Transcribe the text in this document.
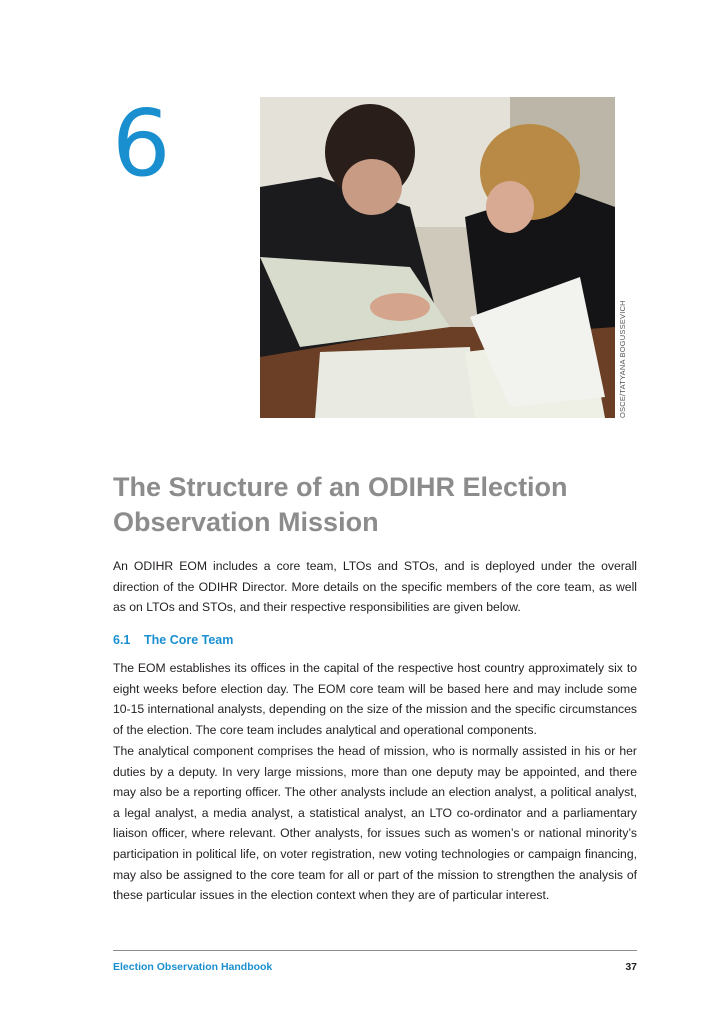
6
OSCE/TATYANA BOGUSSEVICH
The Structure of an ODIHR Election Observation Mission

An ODIHR EOM includes a core team, LTOs and STOs, and is deployed under the overall direction of the ODIHR Director. More details on the specific members of the core team, as well as on LTOs and STOs, and their respective responsibilities are given below.

6.1 The Core Team

The EOM establishes its offices in the capital of the respective host country approximately six to eight weeks before election day. The EOM core team will be based here and may include some 10-15 international analysts, depending on the size of the mission and the specific circumstances of the election. The core team includes analytical and operational components.

The analytical component comprises the head of mission, who is normally assisted in his or her duties by a deputy. In very large missions, more than one deputy may be appointed, and there may also be a reporting officer. The other analysts include an election analyst, a political analyst, a legal analyst, a media analyst, a statistical analyst, an LTO co-ordinator and a parliamentary liaison officer, where relevant. Other analysts, for issues such as women’s or national minority’s participation in political life, on voter registration, new voting technologies or campaign financing, may also be assigned to the core team for all or part of the mission to strengthen the analysis of these particular issues in the election context when they are of particular interest.

Election Observation Handbook	37
